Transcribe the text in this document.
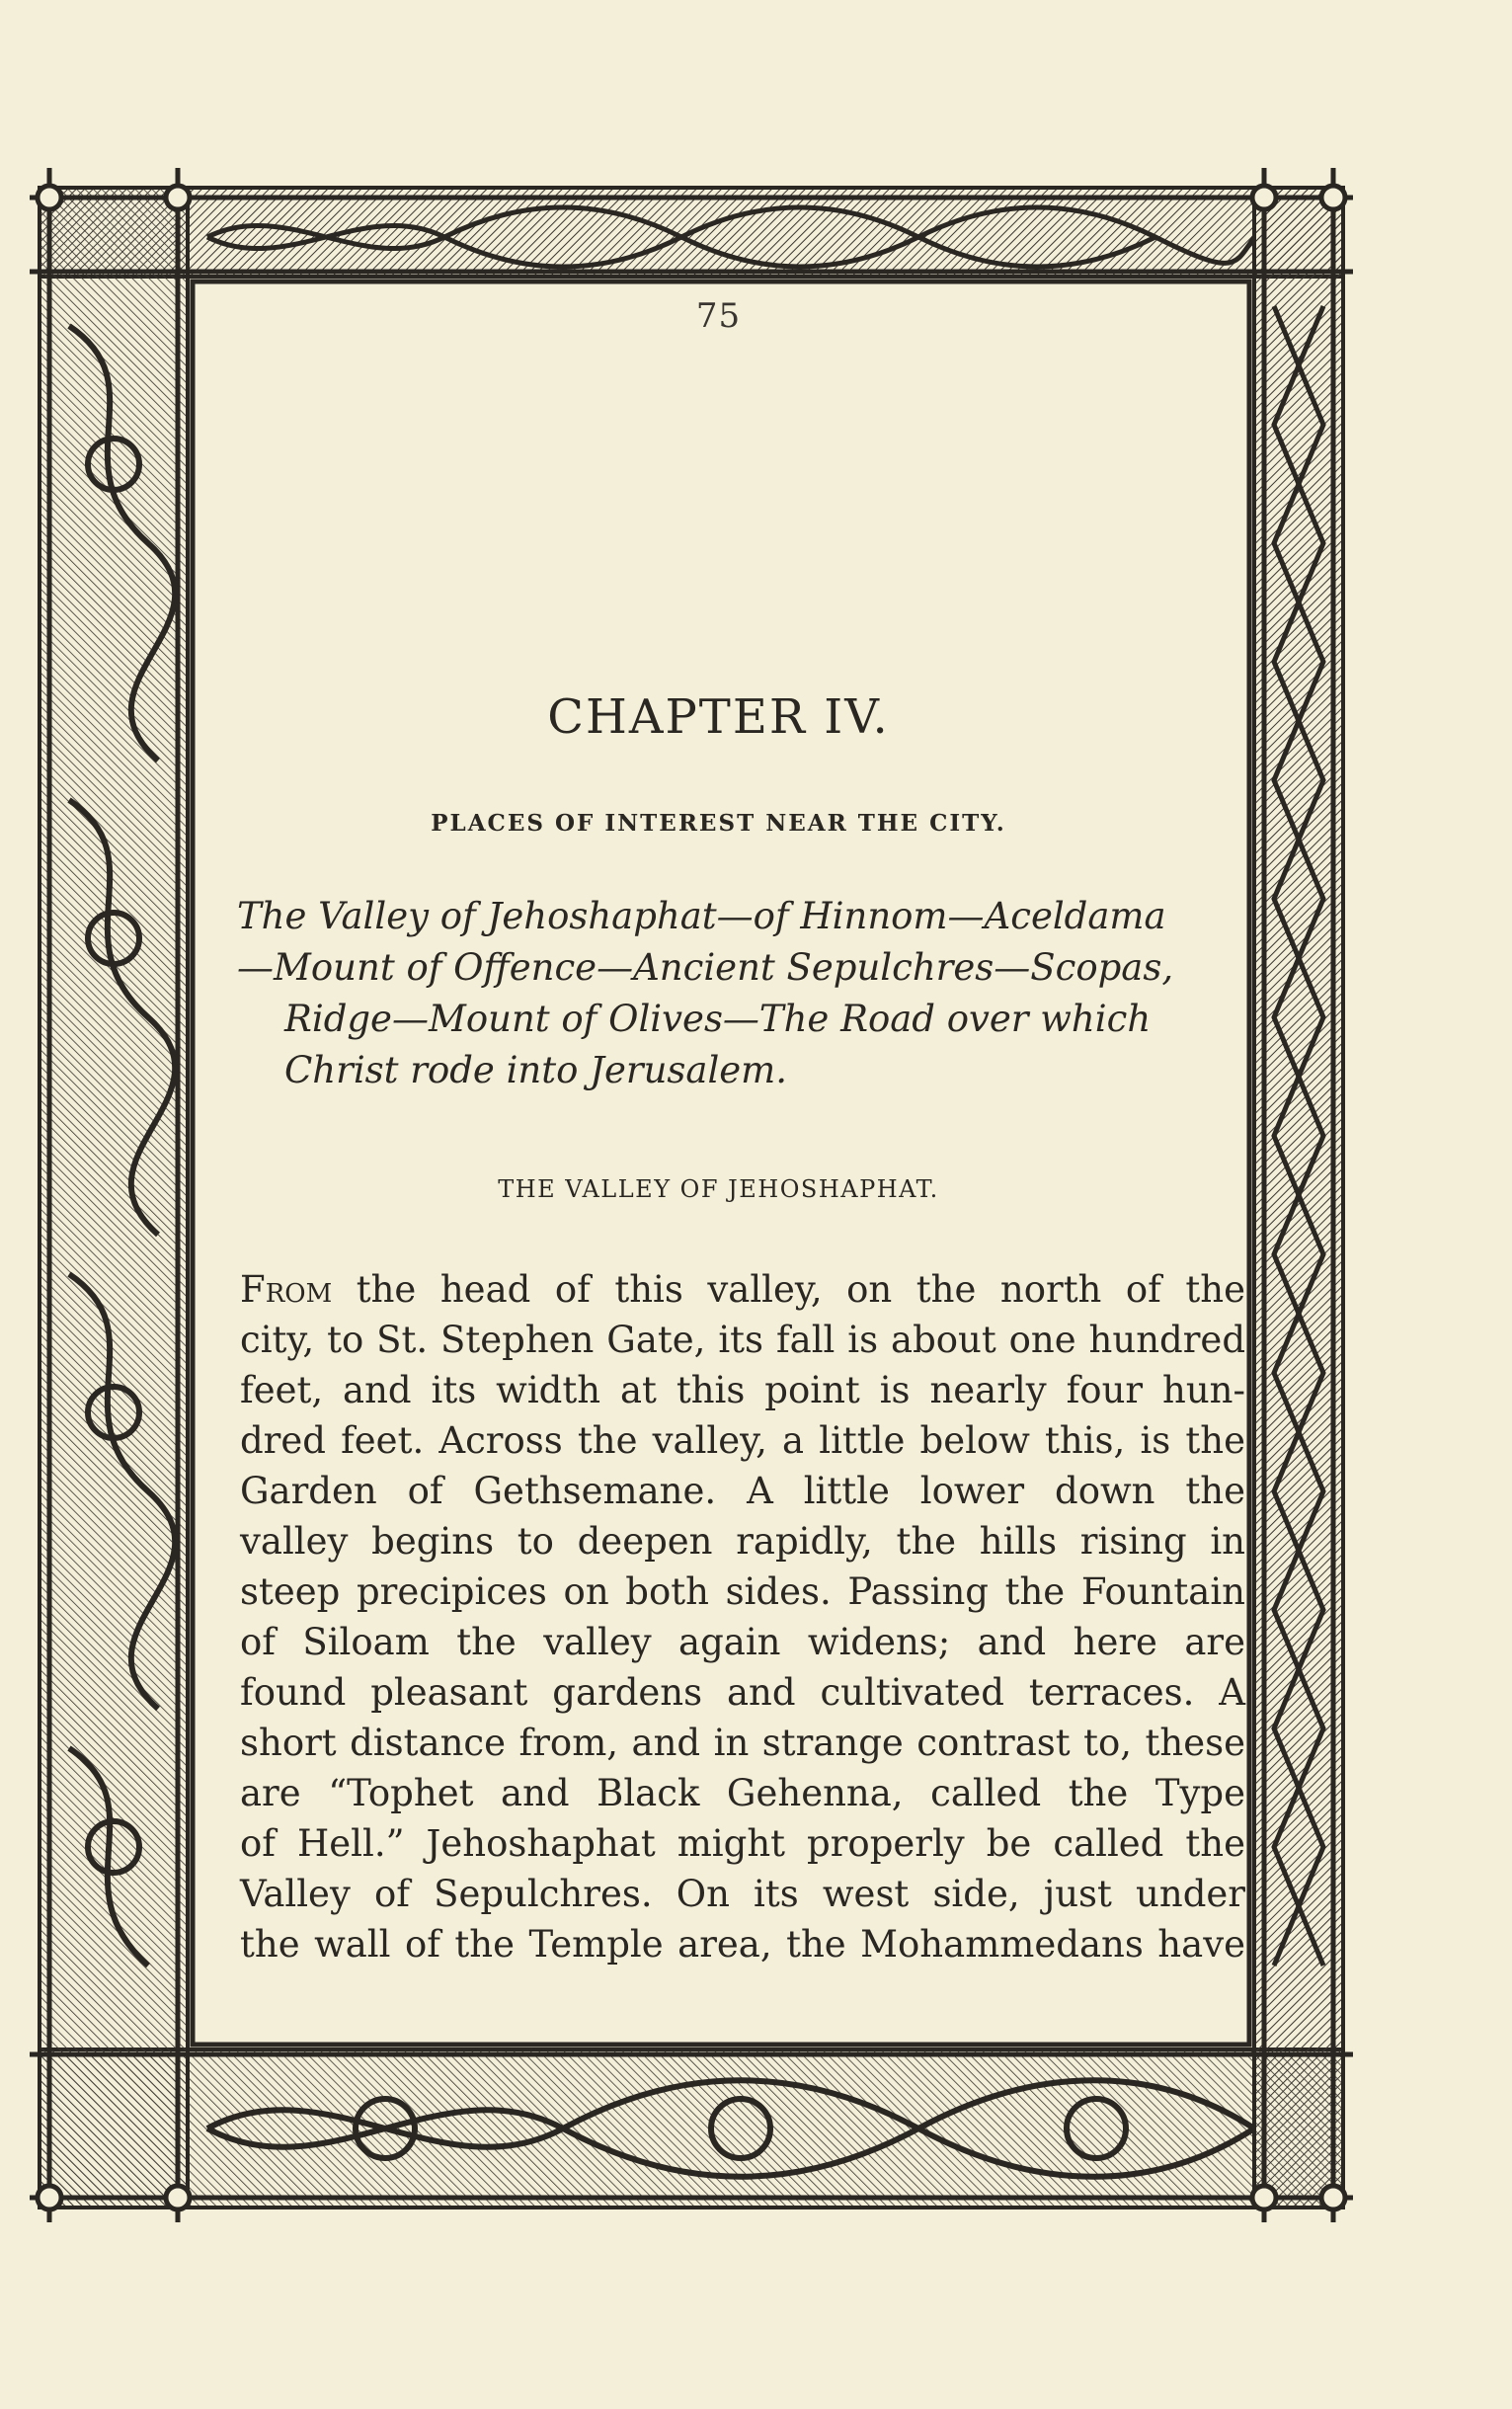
75
CHAPTER IV.
PLACES OF INTEREST NEAR THE CITY.
The Valley of Jehoshaphat—of Hinnom—Aceldama
—Mount of Offence—Ancient Sepulchres—Scopas,
Ridge—Mount of Olives—The Road over which
Christ rode into Jerusalem.
THE VALLEY OF JEHOSHAPHAT.
From the head of this valley, on the north of the
city, to St. Stephen Gate, its fall is about one hundred
feet, and its width at this point is nearly four hun-
dred feet. Across the valley, a little below this, is the
Garden of Gethsemane. A little lower down the
valley begins to deepen rapidly, the hills rising in
steep precipices on both sides. Passing the Fountain
of Siloam the valley again widens; and here are
found pleasant gardens and cultivated terraces. A
short distance from, and in strange contrast to, these
are “Tophet and Black Gehenna, called the Type
of Hell.” Jehoshaphat might properly be called the
Valley of Sepulchres. On its west side, just under
the wall of the Temple area, the Mohammedans have
